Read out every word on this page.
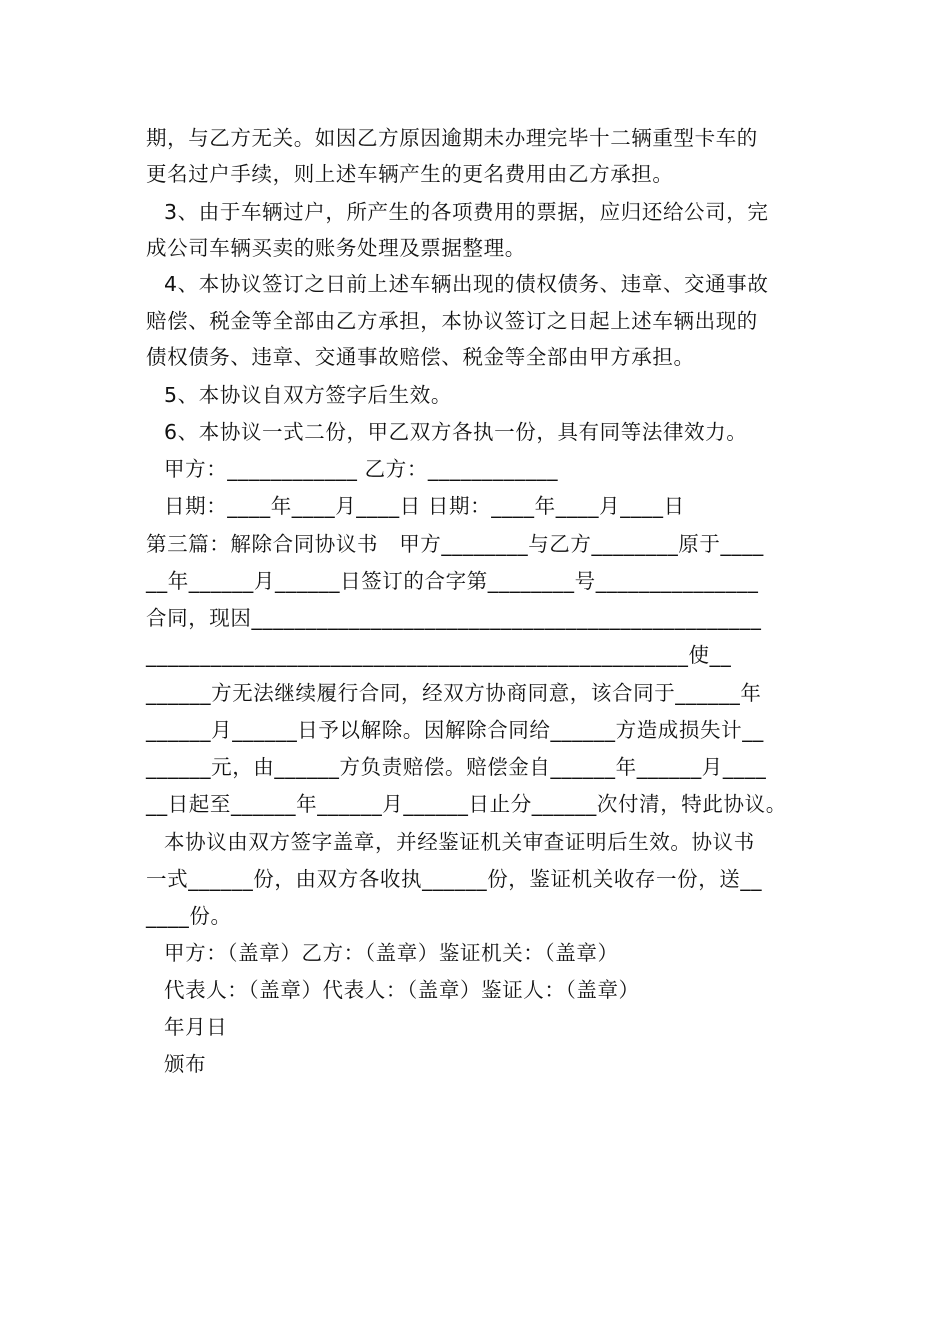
期，与乙方无关。如因乙方原因逾期未办理完毕十二辆重型卡车的
更名过户手续，则上述车辆产生的更名费用由乙方承担。
3、由于车辆过户，所产生的各项费用的票据，应归还给公司，完
成公司车辆买卖的账务处理及票据整理。
4、本协议签订之日前上述车辆出现的债权债务、违章、交通事故
赔偿、税金等全部由乙方承担，本协议签订之日起上述车辆出现的
债权债务、违章、交通事故赔偿、税金等全部由甲方承担。
5、本协议自双方签字后生效。
6、本协议一式二份，甲乙双方各执一份，具有同等法律效力。
甲方：____________ 乙方：____________
日期：____年____月____日 日期：____年____月____日
第三篇：解除合同协议书　甲方________与乙方________原于____
__年______月______日签订的合字第________号_______________
合同，现因_______________________________________________
__________________________________________________使__
______方无法继续履行合同，经双方协商同意，该合同于______年
______月______日予以解除。因解除合同给______方造成损失计__
______元，由______方负责赔偿。赔偿金自______年______月____
__日起至______年______月______日止分______次付清，特此协议。
本协议由双方签字盖章，并经鉴证机关审查证明后生效。协议书
一式______份，由双方各收执______份，鉴证机关收存一份，送__
____份。
甲方：（盖章）乙方：（盖章）鉴证机关：（盖章）
代表人：（盖章）代表人：（盖章）鉴证人：（盖章）
年月日
颁布
